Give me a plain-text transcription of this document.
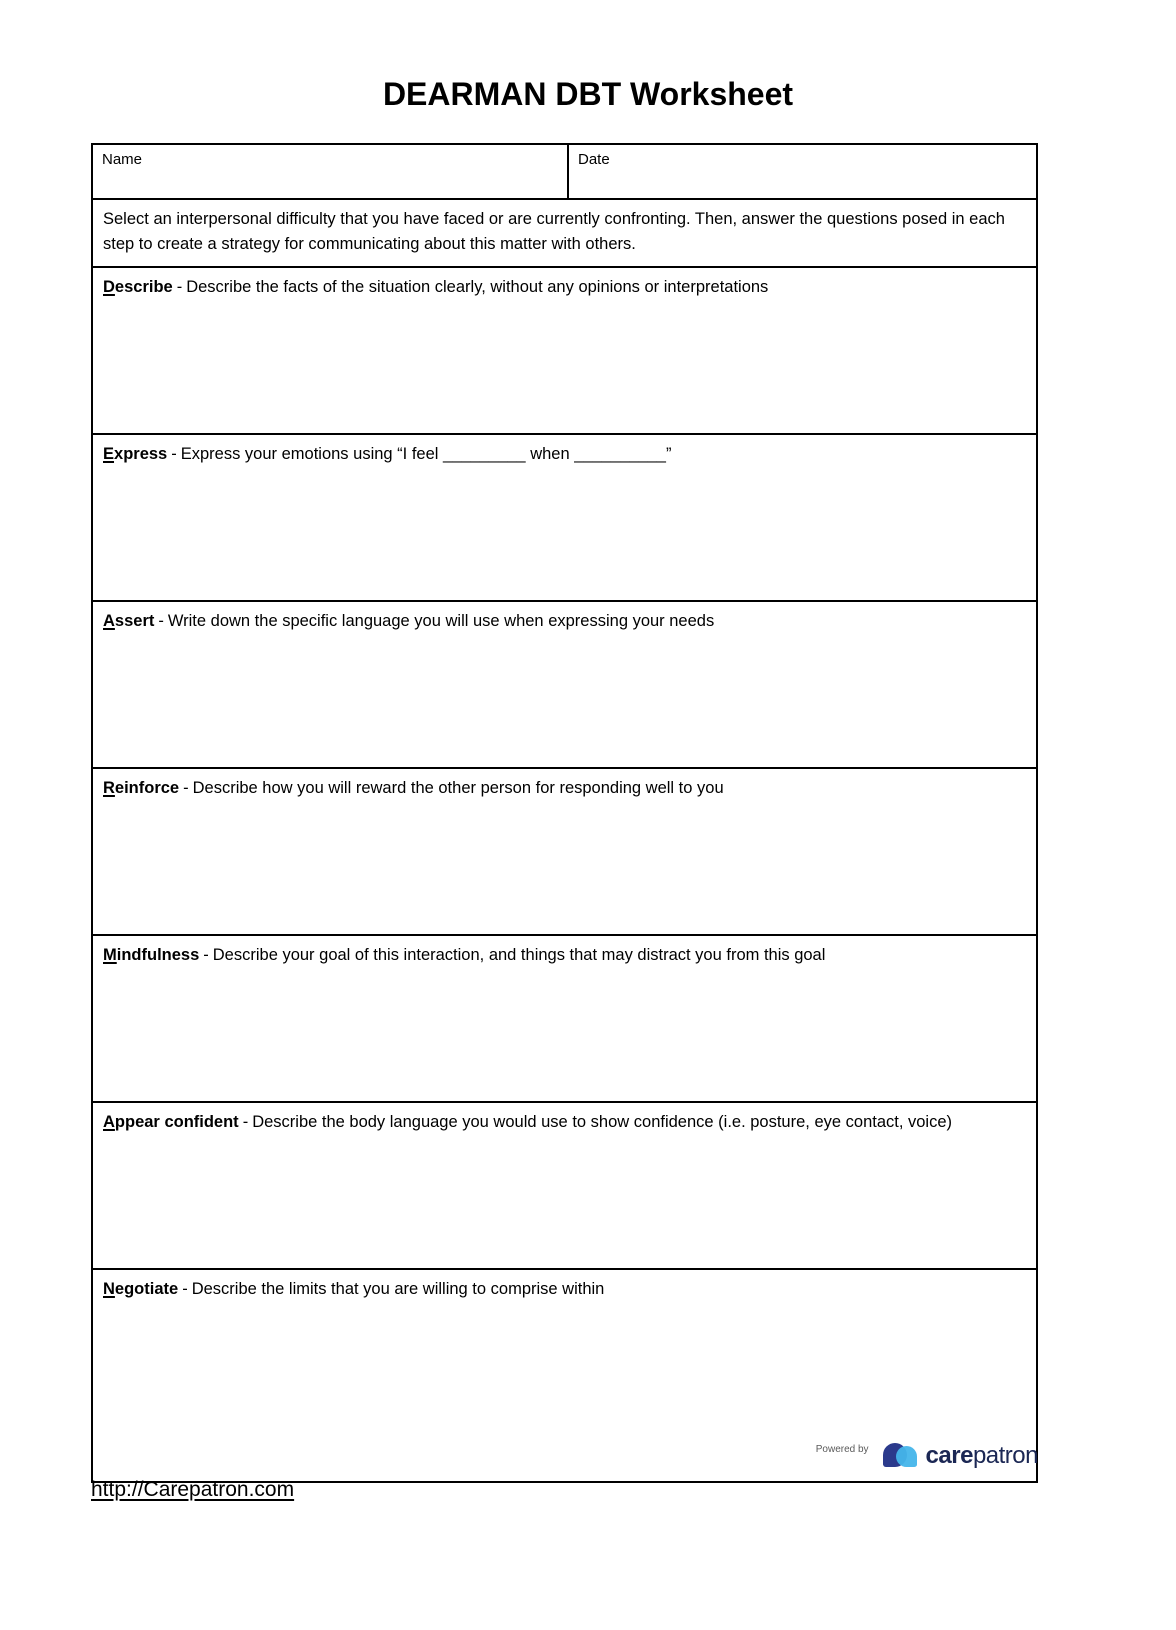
DEARMAN DBT Worksheet
Name	Date
Select an interpersonal difficulty that you have faced or are currently confronting. Then, answer the questions posed in each step to create a strategy for communicating about this matter with others.
Describe - Describe the facts of the situation clearly, without any opinions or interpretations
Express - Express your emotions using “I feel _________ when __________”
Assert - Write down the specific language you will use when expressing your needs
Reinforce - Describe how you will reward the other person for responding well to you
Mindfulness - Describe your goal of this interaction, and things that may distract you from this goal
Appear confident - Describe the body language you would use to show confidence (i.e. posture, eye contact, voice)
Negotiate - Describe the limits that you are willing to comprise within
http://Carepatron.com
Powered by carepatron
